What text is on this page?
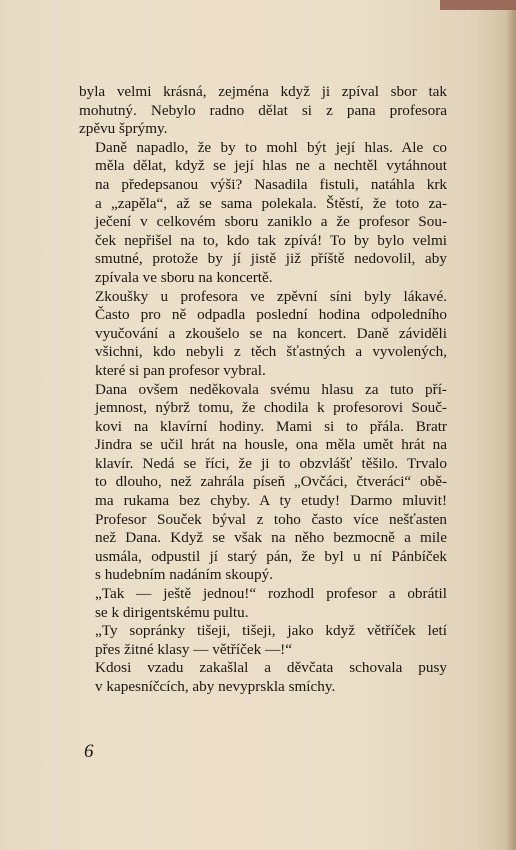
byla velmi krásná, zejména když ji zpíval sbor tak
mohutný. Nebylo radno dělat si z pana profesora
zpěvu šprýmy.

Daně napadlo, že by to mohl být její hlas. Ale co
měla dělat, když se její hlas ne a nechtěl vytáhnout
na předepsanou výši? Nasadila fistuli, natáhla krk
a „zapěla“, až se sama polekala. Štěstí, že toto za-
ječení v celkovém sboru zaniklo a že profesor Sou-
ček nepřišel na to, kdo tak zpívá! To by bylo velmi
smutné, protože by jí jistě již příště nedovolil, aby
zpívala ve sboru na koncertě.

Zkoušky u profesora ve zpěvní síni byly lákavé.
Často pro ně odpadla poslední hodina odpoledního
vyučování a zkoušelo se na koncert. Daně záviděli
všichni, kdo nebyli z těch šťastných a vyvolených,
které si pan profesor vybral.

Dana ovšem neděkovala svému hlasu za tuto pří-
jemnost, nýbrž tomu, že chodila k profesorovi Souč-
kovi na klavírní hodiny. Mami si to přála. Bratr
Jindra se učil hrát na housle, ona měla umět hrát na
klavír. Nedá se říci, že ji to obzvlášť těšilo. Trvalo
to dlouho, než zahrála píseň „Ovčáci, čtveráci“ obě-
ma rukama bez chyby. A ty etudy! Darmo mluvit!
Profesor Souček býval z toho často více nešťasten
než Dana. Když se však na něho bezmocně a mile
usmála, odpustil jí starý pán, že byl u ní Pánbíček
s hudebním nadáním skoupý.

„Tak — ještě jednou!“ rozhodl profesor a obrátil
se k dirigentskému pultu.

„Ty sopránky tišeji, tišeji, jako když větříček letí
přes žitné klasy — větříček —!“

Kdosi vzadu zakašlal a děvčata schovala pusy
v kapesníčcích, aby nevyprskla smíchy.

6
